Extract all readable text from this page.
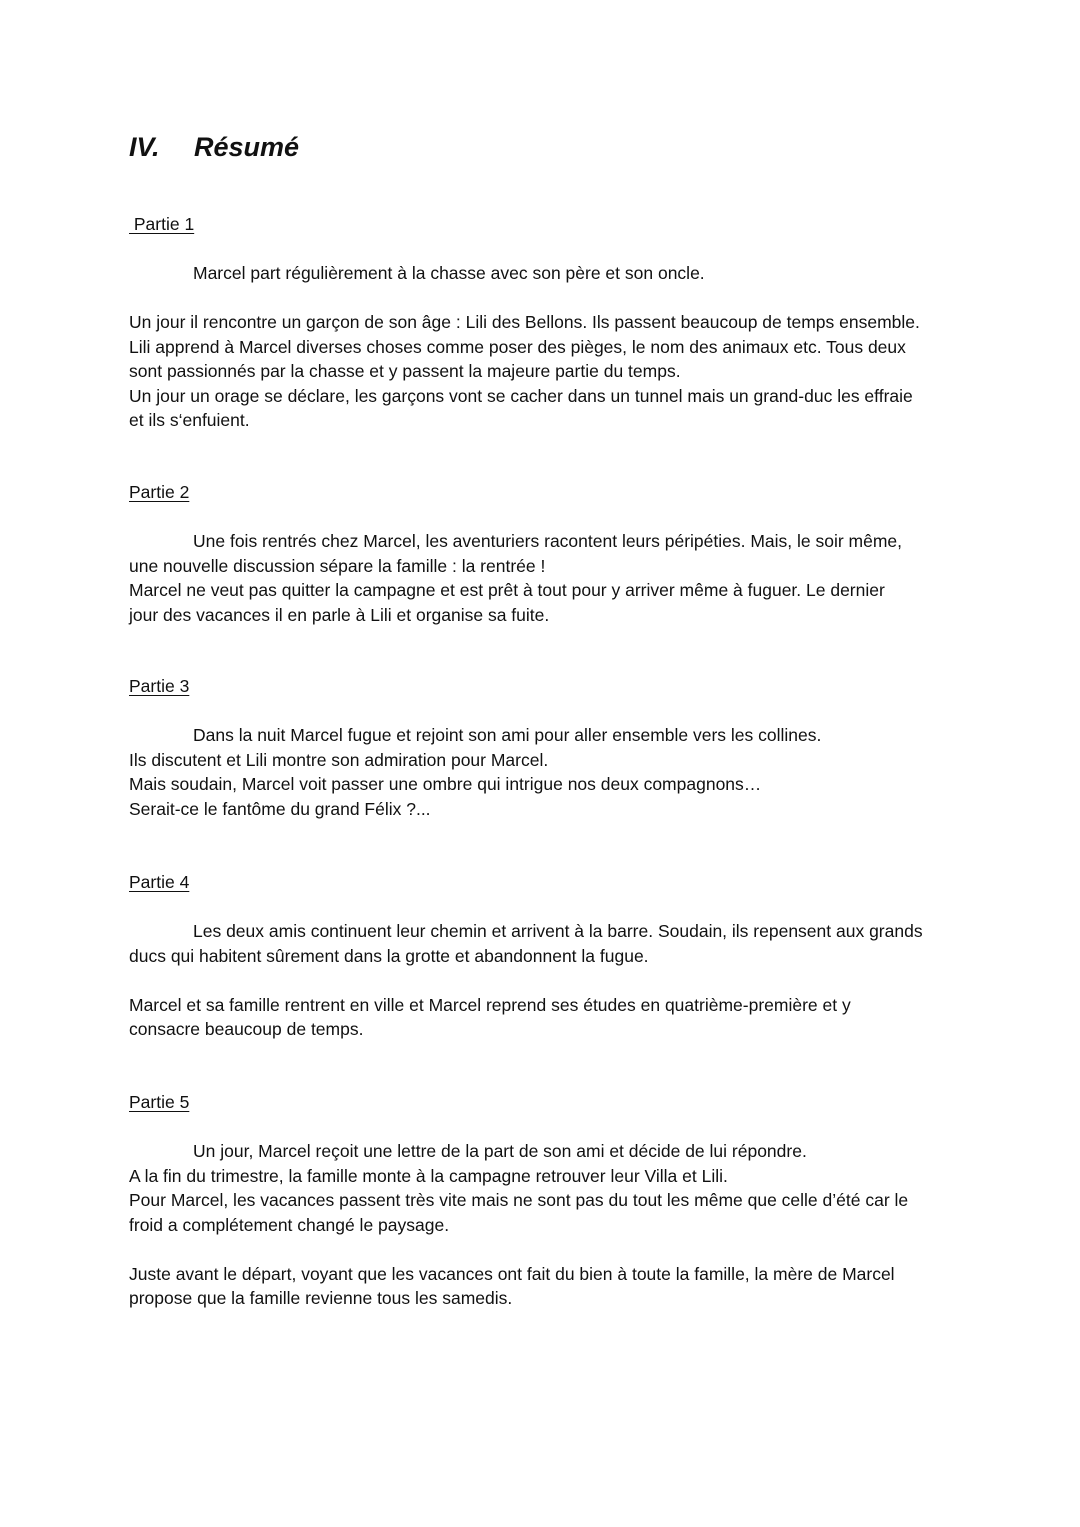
IV. Résumé
Partie 1

Marcel part régulièrement à la chasse avec son père et son oncle.

Un jour il rencontre un garçon de son âge : Lili des Bellons. Ils passent beaucoup de temps ensemble.
Lili apprend à Marcel diverses choses comme poser des pièges, le nom des animaux etc. Tous deux
sont passionnés par la chasse et y passent la majeure partie du temps.
Un jour un orage se déclare, les garçons vont se cacher dans un tunnel mais un grand-duc les effraie
et ils s‘enfuient.

Partie 2

Une fois rentrés chez Marcel, les aventuriers racontent leurs péripéties. Mais, le soir même,
une nouvelle discussion sépare la famille : la rentrée !
Marcel ne veut pas quitter la campagne et est prêt à tout pour y arriver même à fuguer. Le dernier
jour des vacances il en parle à Lili et organise sa fuite.

Partie 3

Dans la nuit Marcel fugue et rejoint son ami pour aller ensemble vers les collines.
Ils discutent et Lili montre son admiration pour Marcel.
Mais soudain, Marcel voit passer une ombre qui intrigue nos deux compagnons…
Serait-ce le fantôme du grand Félix ?...

Partie 4

Les deux amis continuent leur chemin et arrivent à la barre. Soudain, ils repensent aux grands
ducs qui habitent sûrement dans la grotte et abandonnent la fugue.

Marcel et sa famille rentrent en ville et Marcel reprend ses études en quatrième-première et y
consacre beaucoup de temps.

Partie 5

Un jour, Marcel reçoit une lettre de la part de son ami et décide de lui répondre.
A la fin du trimestre, la famille monte à la campagne retrouver leur Villa et Lili.
Pour Marcel, les vacances passent très vite mais ne sont pas du tout les même que celle d’été car le
froid a complétement changé le paysage.

Juste avant le départ, voyant que les vacances ont fait du bien à toute la famille, la mère de Marcel
propose que la famille revienne tous les samedis.
